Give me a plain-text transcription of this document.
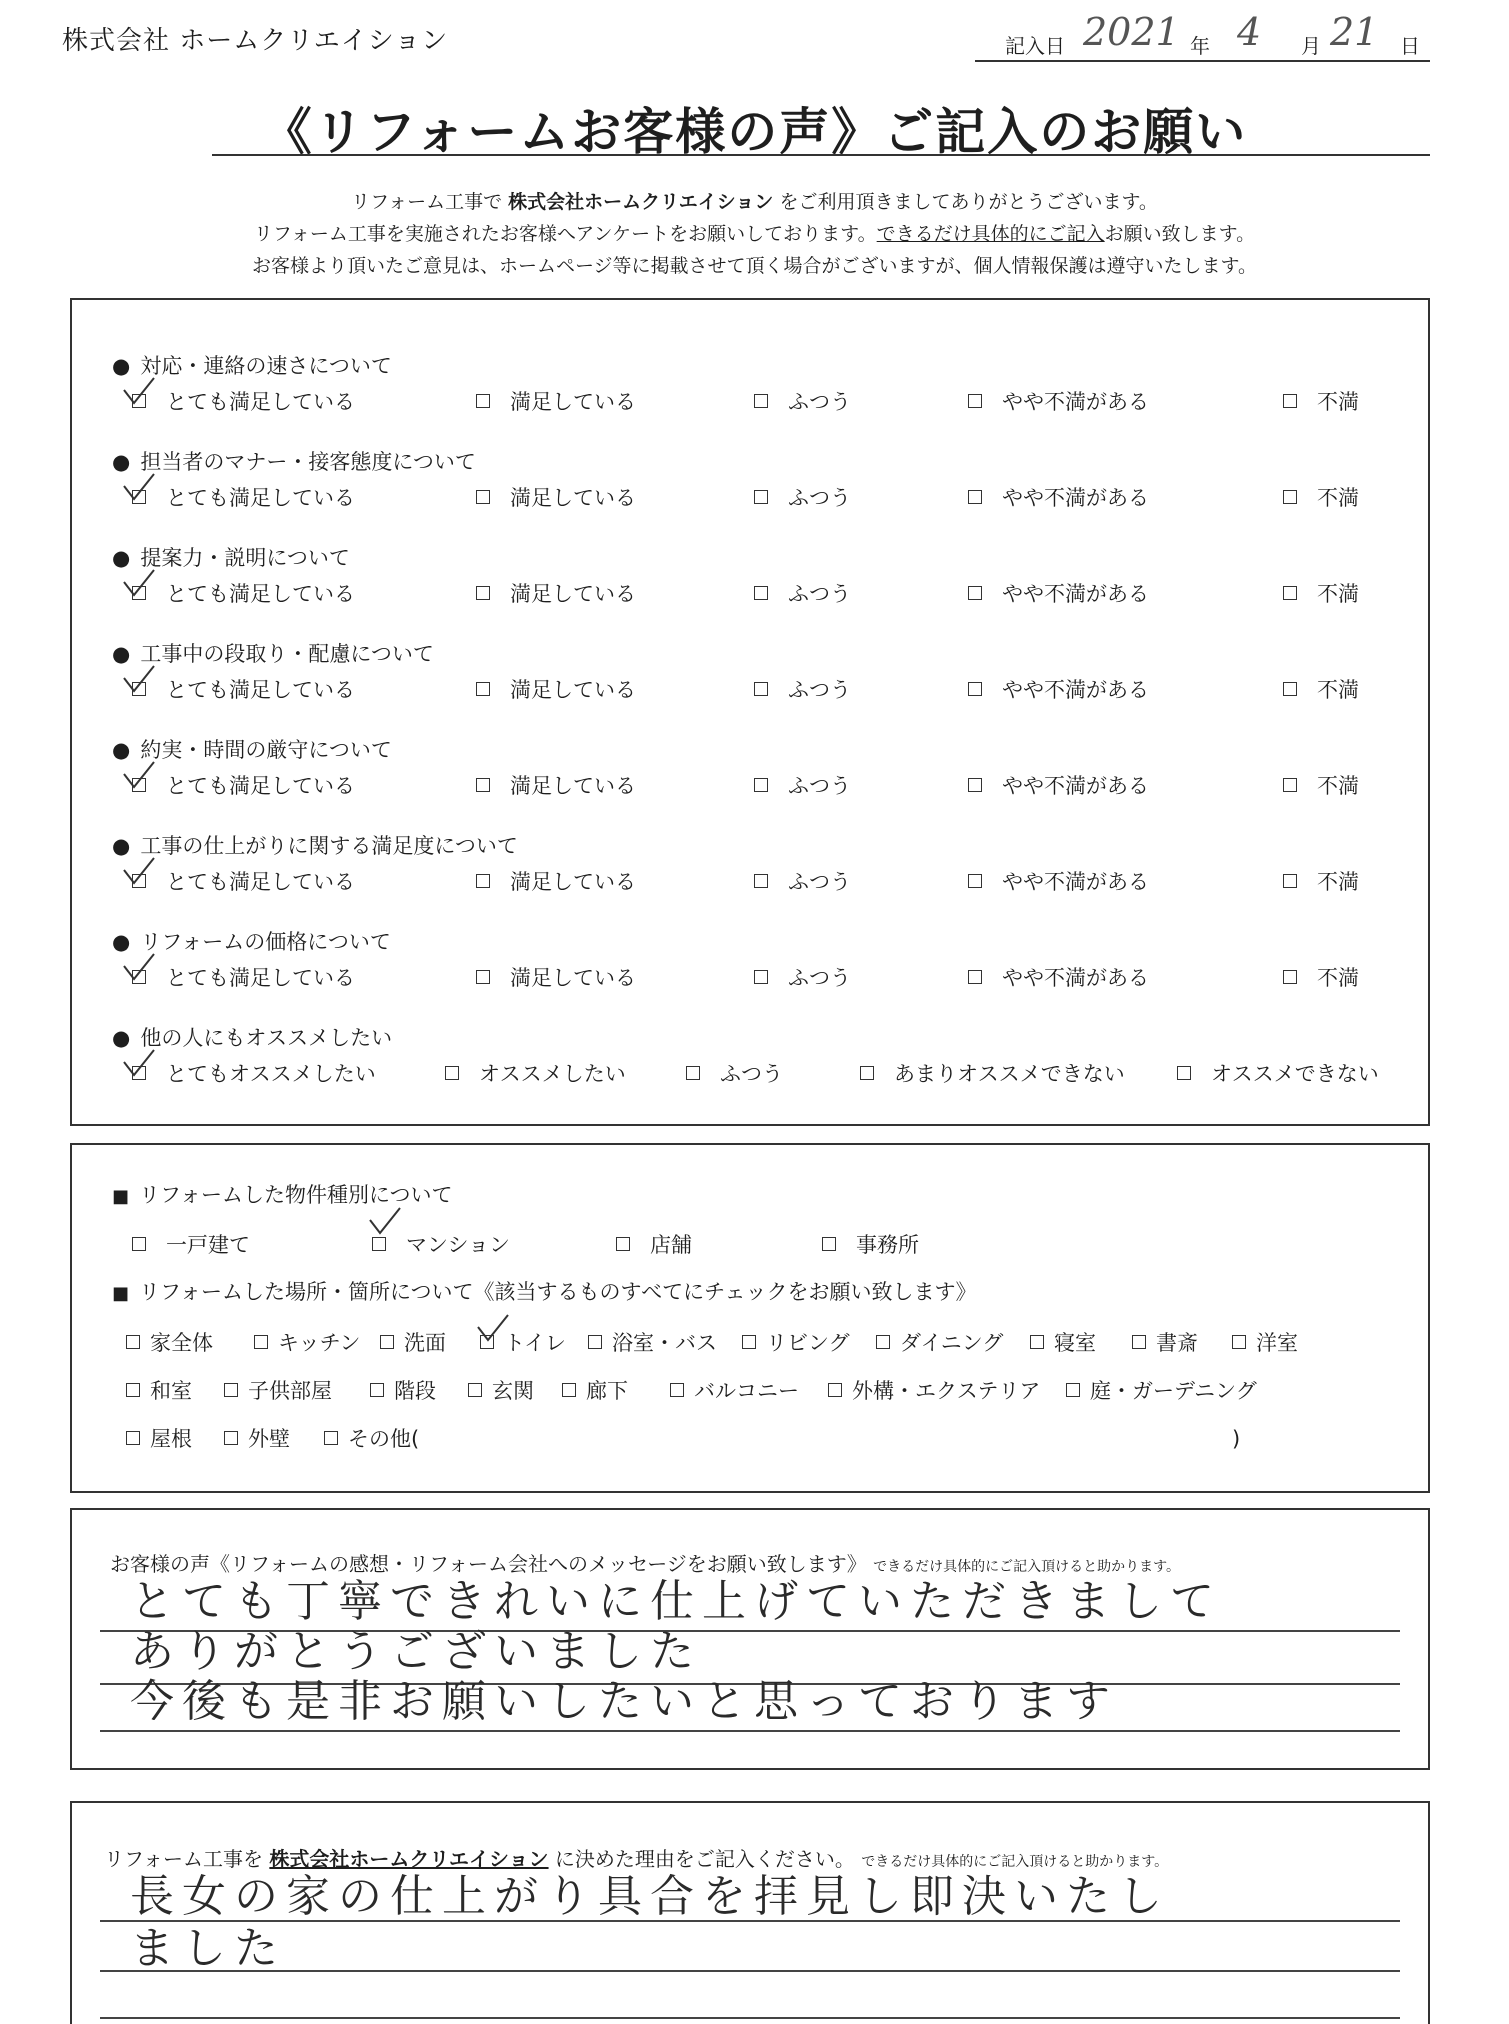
株式会社 ホームクリエイション	記入日 2021 年 4 月 21 日
《リフォームお客様の声》ご記入のお願い
リフォーム工事で 株式会社ホームクリエイション をご利用頂きましてありがとうございます。
リフォーム工事を実施されたお客様へアンケートをお願いしております。できるだけ具体的にご記入お願い致します。
お客様より頂いたご意見は、ホームページ等に掲載させて頂く場合がございますが、個人情報保護は遵守いたします。
● 対応・連絡の速さについて
とても満足している	満足している	ふつう	やや不満がある	不満
● 担当者のマナー・接客態度について
とても満足している	満足している	ふつう	やや不満がある	不満
● 提案力・説明について
とても満足している	満足している	ふつう	やや不満がある	不満
● 工事中の段取り・配慮について
とても満足している	満足している	ふつう	やや不満がある	不満
● 約実・時間の厳守について
とても満足している	満足している	ふつう	やや不満がある	不満
● 工事の仕上がりに関する満足度について
とても満足している	満足している	ふつう	やや不満がある	不満
● リフォームの価格について
とても満足している	満足している	ふつう	やや不満がある	不満
● 他の人にもオススメしたい
とてもオススメしたい	オススメしたい	ふつう	あまりオススメできない	オススメできない
■ リフォームした物件種別について
一戸建て	マンション	店舗	事務所
■ リフォームした場所・箇所について《該当するものすべてにチェックをお願い致します》
家全体	キッチン 洗面	トイレ 浴室・バス リビング ダイニング 寝室	書斎	洋室
和室	子供部屋	階段	玄関 廊下	バルコニー	外構・エクステリア 庭・ガーデニング
屋根	外壁	その他(	)
お客様の声《リフォームの感想・リフォーム会社へのメッセージをお願い致します》 できるだけ具体的にご記入頂けると助かります。
とても丁寧できれいに仕上げていただきまして
ありがとうございました
今後も是非お願いしたいと思っております
リフォーム工事を 株式会社ホームクリエイション に決めた理由をご記入ください。 できるだけ具体的にご記入頂けると助かります。
長女の家の仕上がり具合を拝見し即決いたし
ました
